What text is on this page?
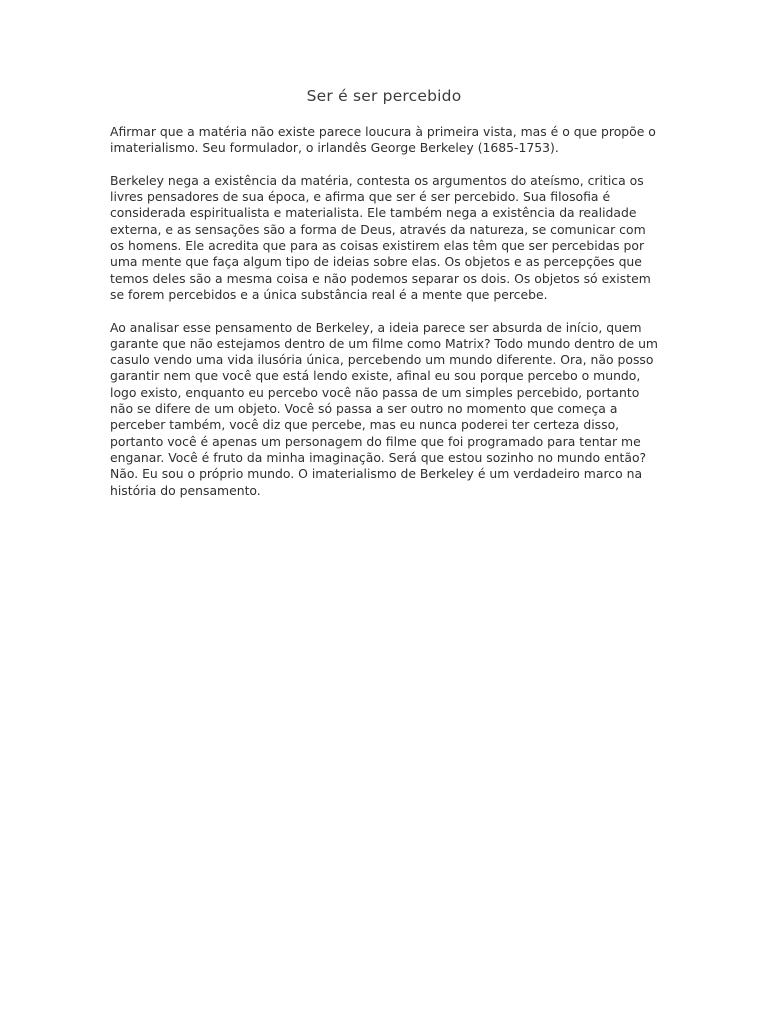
Ser é ser percebido

Afirmar que a matéria não existe parece loucura à primeira vista, mas é o que propõe o imaterialismo. Seu formulador, o irlandês George Berkeley (1685-1753).

Berkeley nega a existência da matéria, contesta os argumentos do ateísmo, critica os livres pensadores de sua época, e afirma que ser é ser percebido. Sua filosofia é considerada espiritualista e materialista. Ele também nega a existência da realidade externa, e as sensações são a forma de Deus, através da natureza, se comunicar com os homens. Ele acredita que para as coisas existirem elas têm que ser percebidas por uma mente que faça algum tipo de ideias sobre elas. Os objetos e as percepções que temos deles são a mesma coisa e não podemos separar os dois. Os objetos só existem se forem percebidos e a única substância real é a mente que percebe.

Ao analisar esse pensamento de Berkeley, a ideia parece ser absurda de início, quem garante que não estejamos dentro de um filme como Matrix? Todo mundo dentro de um casulo vendo uma vida ilusória única, percebendo um mundo diferente. Ora, não posso garantir nem que você que está lendo existe, afinal eu sou porque percebo o mundo, logo existo, enquanto eu percebo você não passa de um simples percebido, portanto não se difere de um objeto. Você só passa a ser outro no momento que começa a perceber também, você diz que percebe, mas eu nunca poderei ter certeza disso, portanto você é apenas um personagem do filme que foi programado para tentar me enganar. Você é fruto da minha imaginação. Será que estou sozinho no mundo então? Não. Eu sou o próprio mundo. O imaterialismo de Berkeley é um verdadeiro marco na história do pensamento.
